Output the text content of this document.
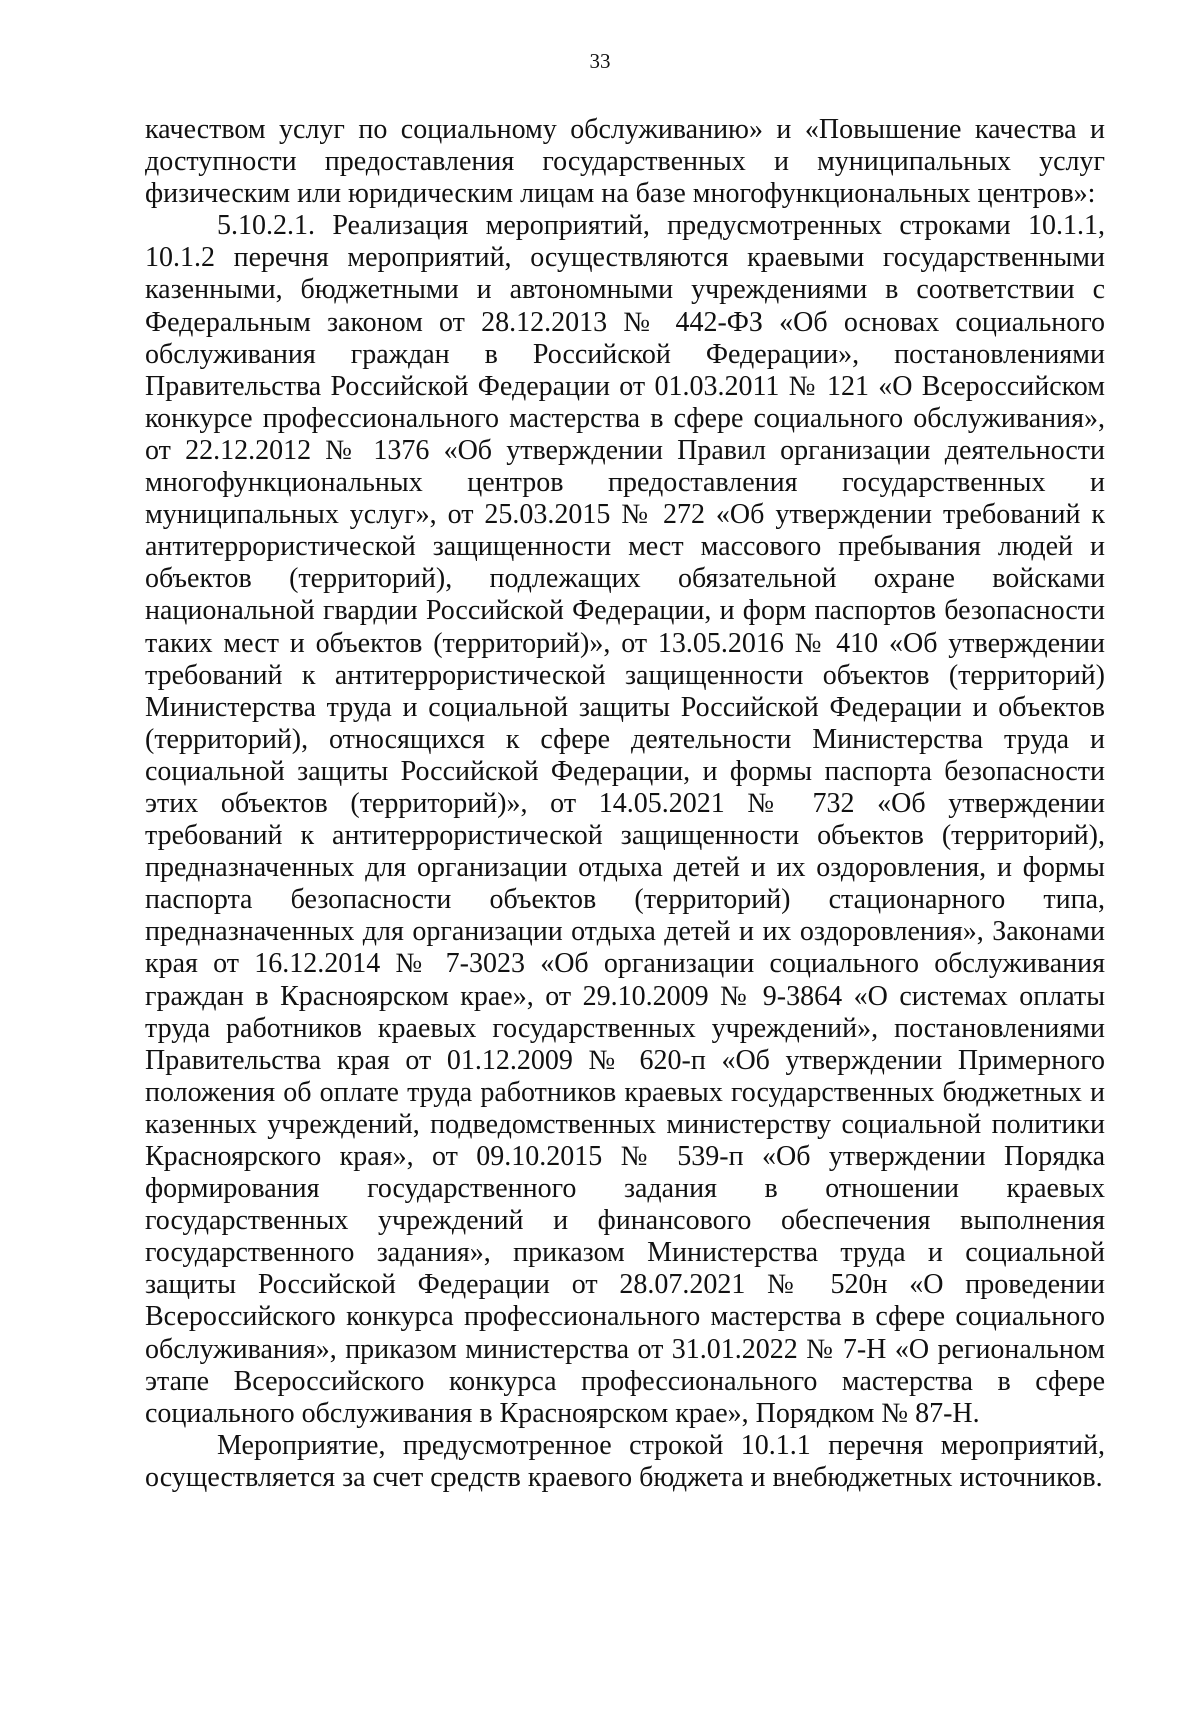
33

качеством услуг по социальному обслуживанию» и «Повышение качества и доступности предоставления государственных и муниципальных услуг физическим или юридическим лицам на базе многофункциональных центров»:

5.10.2.1. Реализация мероприятий, предусмотренных строками 10.1.1, 10.1.2 перечня мероприятий, осуществляются краевыми государственными казенными, бюджетными и автономными учреждениями в соответствии с Федеральным законом от 28.12.2013 № 442-ФЗ «Об основах социального обслуживания граждан в Российской Федерации», постановлениями Правительства Российской Федерации от 01.03.2011 № 121 «О Всероссийском конкурсе профессионального мастерства в сфере социального обслуживания», от 22.12.2012 № 1376 «Об утверждении Правил организации деятельности многофункциональных центров предоставления государственных и муниципальных услуг», от 25.03.2015 № 272 «Об утверждении требований к антитеррористической защищенности мест массового пребывания людей и объектов (территорий), подлежащих обязательной охране войсками национальной гвардии Российской Федерации, и форм паспортов безопасности таких мест и объектов (территорий)», от 13.05.2016 № 410 «Об утверждении требований к антитеррористической защищенности объектов (территорий) Министерства труда и социальной защиты Российской Федерации и объектов (территорий), относящихся к сфере деятельности Министерства труда и социальной защиты Российской Федерации, и формы паспорта безопасности этих объектов (территорий)», от 14.05.2021 № 732 «Об утверждении требований к антитеррористической защищенности объектов (территорий), предназначенных для организации отдыха детей и их оздоровления, и формы паспорта безопасности объектов (территорий) стационарного типа, предназначенных для организации отдыха детей и их оздоровления», Законами края от 16.12.2014 № 7-3023 «Об организации социального обслуживания граждан в Красноярском крае», от 29.10.2009 № 9-3864 «О системах оплаты труда работников краевых государственных учреждений», постановлениями Правительства края от 01.12.2009 № 620-п «Об утверждении Примерного положения об оплате труда работников краевых государственных бюджетных и казенных учреждений, подведомственных министерству социальной политики Красноярского края», от 09.10.2015 № 539-п «Об утверждении Порядка формирования государственного задания в отношении краевых государственных учреждений и финансового обеспечения выполнения государственного задания», приказом Министерства труда и социальной защиты Российской Федерации от 28.07.2021 № 520н «О проведении Всероссийского конкурса профессионального мастерства в сфере социального обслуживания», приказом министерства от 31.01.2022 № 7-Н «О региональном этапе Всероссийского конкурса профессионального мастерства в сфере социального обслуживания в Красноярском крае», Порядком № 87-Н.

Мероприятие, предусмотренное строкой 10.1.1 перечня мероприятий, осуществляется за счет средств краевого бюджета и внебюджетных источников.
